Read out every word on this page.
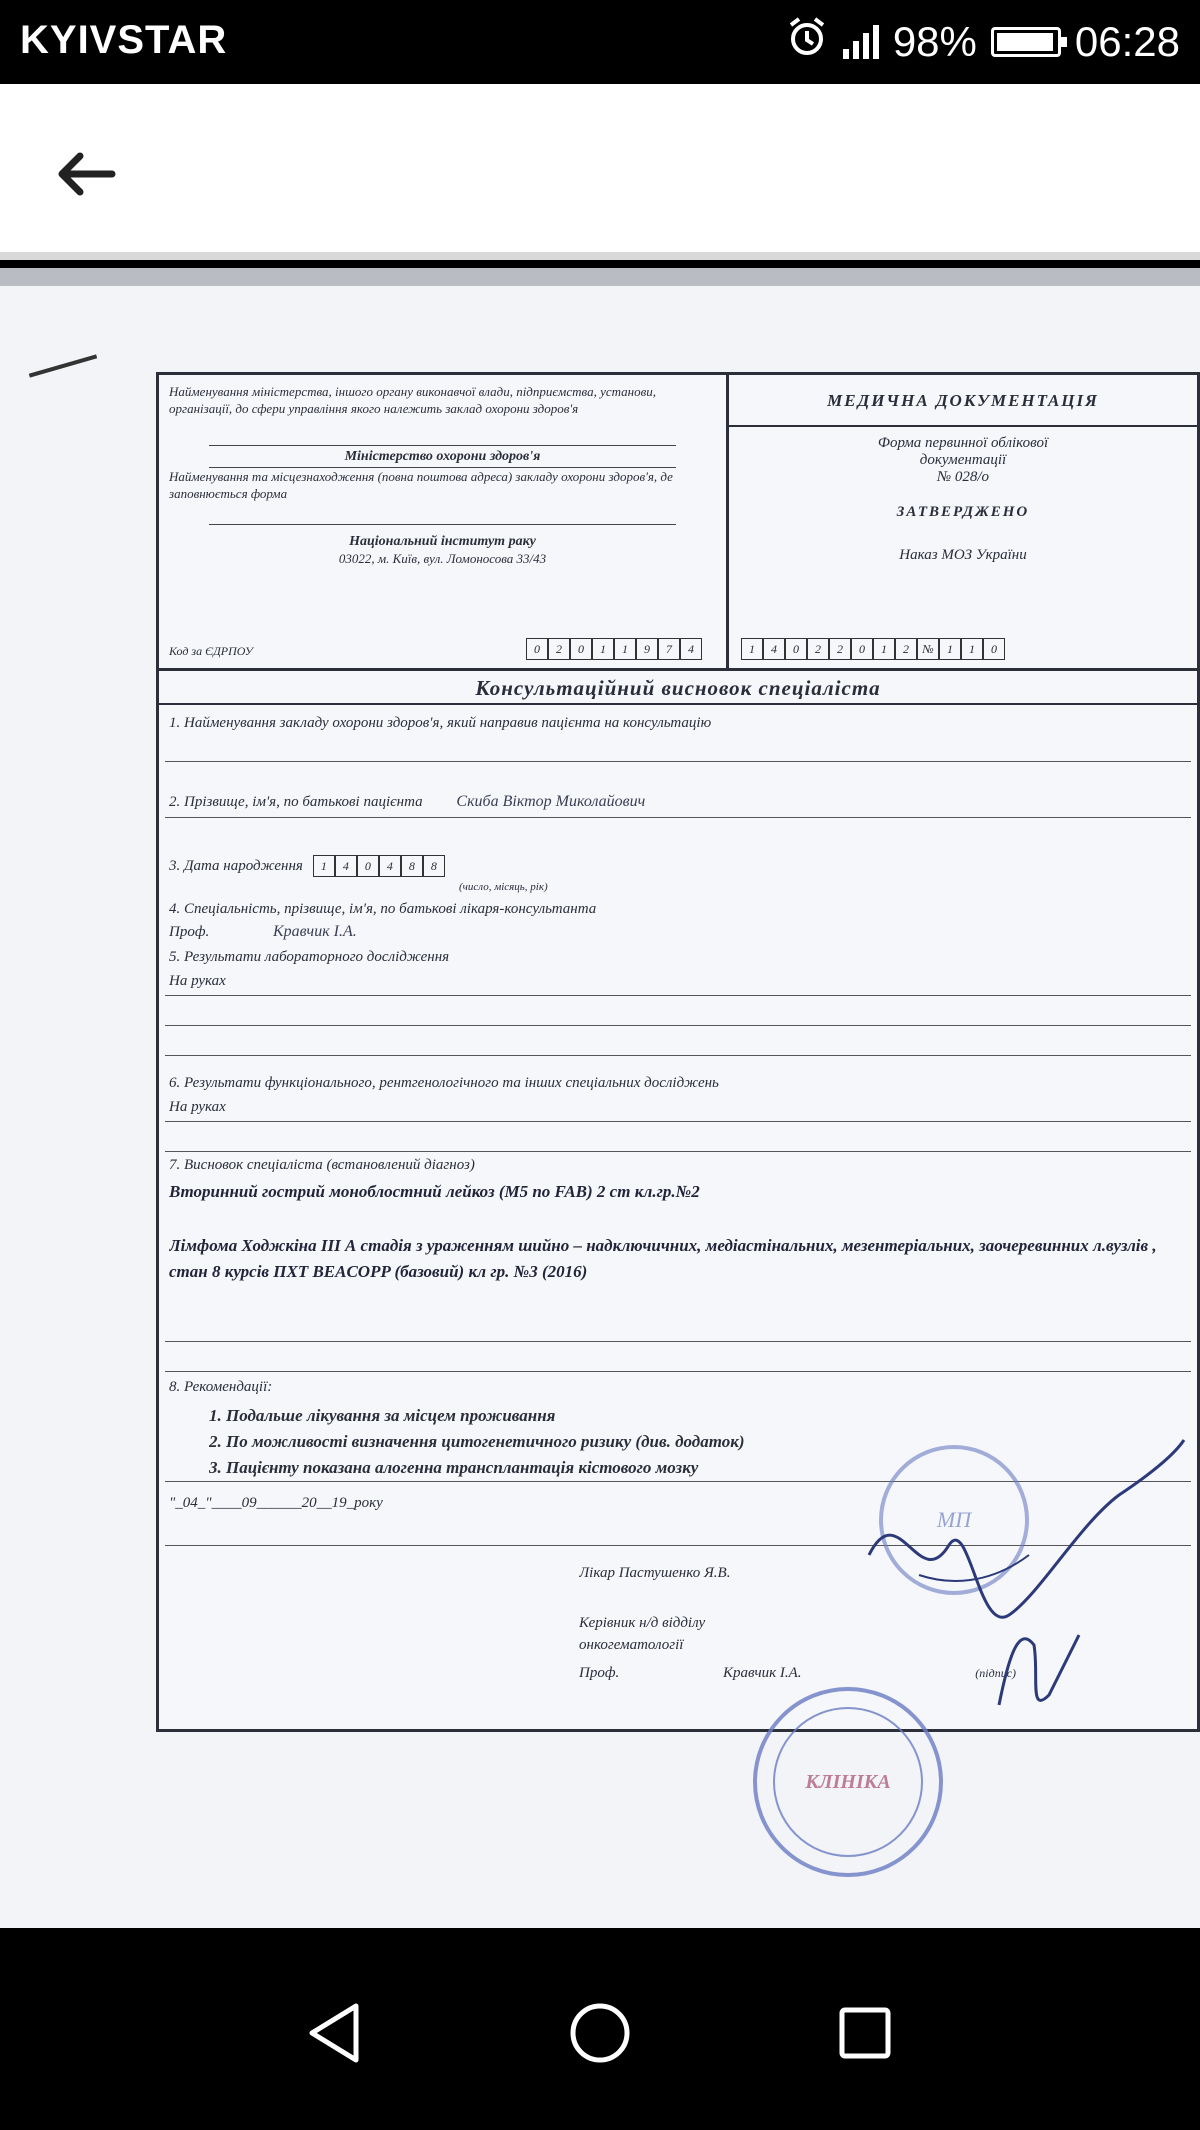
KYIVSTAR	98% 06:28
Найменування міністерства, іншого органу виконавчої влади, підприємства, установи, організації, до сфери управління якого належить заклад охорони здоров'я
Міністерство охорони здоров'я
Найменування та місцезнаходження (повна поштова адреса) закладу охорони здоров'я, де заповнюється форма
Національний інститут раку
03022, м. Київ, вул. Ломоносова 33/43
Код за ЄДРПОУ	0	2	0	1	1	9	7	4
МЕДИЧНА ДОКУМЕНТАЦІЯ
Форма первинної облікової
документації
№ 028/о
ЗАТВЕРДЖЕНО
Наказ МОЗ України
1	4	0	2	2	0	1	2	№	1	1	0
Консультаційний висновок спеціаліста
1. Найменування закладу охорони здоров'я, який направив пацієнта на консультацію
2. Прізвище, ім'я, по батькові пацієнта Скиба Віктор Миколайович
3. Дата народження	1	4	0	4	8	8
(число, місяць, рік)
4. Спеціальність, прізвище, ім'я, по батькові лікаря-консультанта
Проф.	Кравчик І.А.
5. Результати лабораторного дослідження
На руках
6. Результати функціонального, рентгенологічного та інших спеціальних досліджень
На руках
7. Висновок спеціаліста (встановлений діагноз)
Вторинний гострий моноблостний лейкоз (М5 по FAB) 2 ст кл.гр.№2
Лімфома Ходжкіна ІІІ А стадія з ураженням шийно – надключичних, медіастінальних, мезентеріальних, заочеревинних л.вузлів , стан 8 курсів ПХТ BEACOPP (базовий) кл гр. №3 (2016)
8. Рекомендації:
1. Подальше лікування за місцем проживання
2. По можливості визначення цитогенетичного ризику (див. додаток)
3. Пацієнту показана алогенна трансплантація кістового мозку
"_04_"____09______20__19_року
Лікар Пастушенко Я.В.
Керівник н/д відділу
онкогематології
Проф.	Кравчик І.А.	(підпис)
МП
КЛІНІКА
